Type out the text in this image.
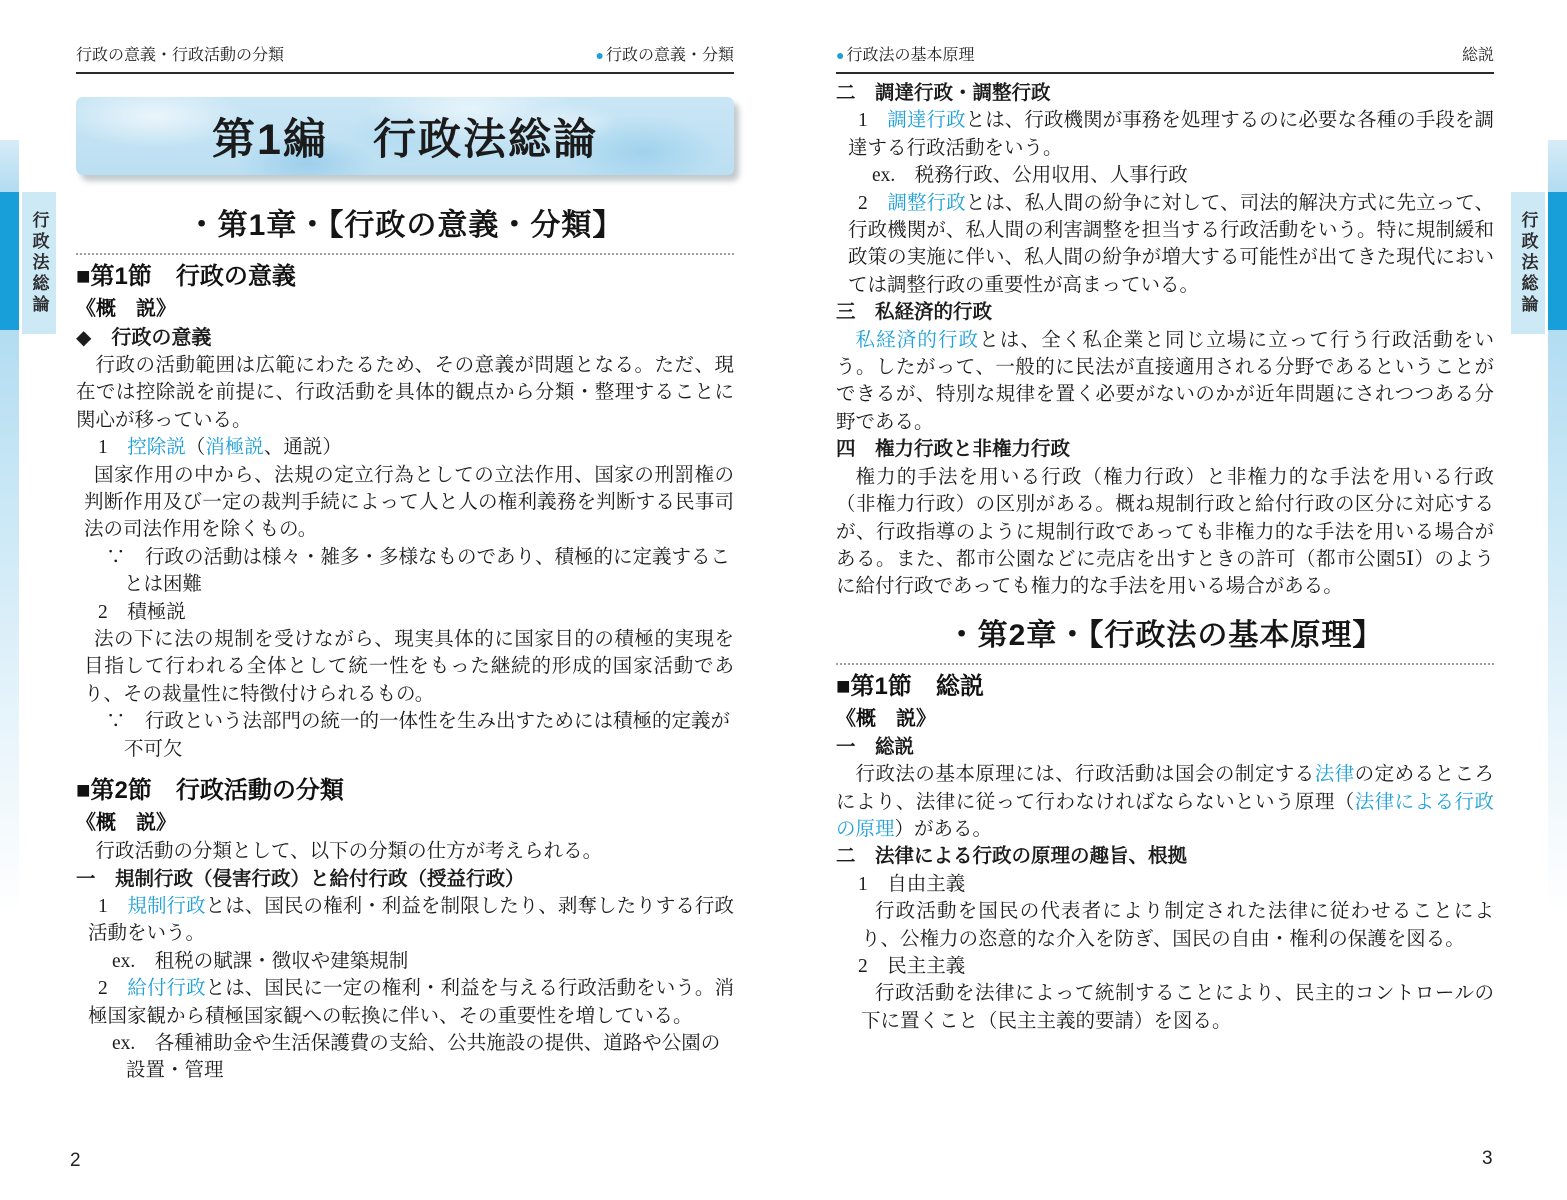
行政法総論	行政法総論
行政の意義・行政活動の分類	● 行政の意義・分類
第1編　行政法総論
・第1章・【行政の意義・分類】
■第1節　行政の意義
《概　説》
◆　行政の意義
行政の活動範囲は広範にわたるため、その意義が問題となる。ただ、現在では控除説を前提に、行政活動を具体的観点から分類・整理することに関心が移っている。
1　控除説（消極説、通説）
国家作用の中から、法規の定立行為としての立法作用、国家の刑罰権の判断作用及び一定の裁判手続によって人と人の権利義務を判断する民事司法の司法作用を除くもの。
∵　行政の活動は様々・雑多・多様なものであり、積極的に定義することは困難
2　積極説
法の下に法の規制を受けながら、現実具体的に国家目的の積極的実現を目指して行われる全体として統一性をもった継続的形成的国家活動であり、その裁量性に特徴付けられるもの。
∵　行政という法部門の統一的一体性を生み出すためには積極的定義が不可欠
■第2節　行政活動の分類
《概　説》
行政活動の分類として、以下の分類の仕方が考えられる。
一　規制行政（侵害行政）と給付行政（授益行政）
1　規制行政とは、国民の権利・利益を制限したり、剥奪したりする行政活動をいう。
ex.　租税の賦課・徴収や建築規制
2　給付行政とは、国民に一定の権利・利益を与える行政活動をいう。消極国家観から積極国家観への転換に伴い、その重要性を増している。
ex.　各種補助金や生活保護費の支給、公共施設の提供、道路や公園の設置・管理
● 行政法の基本原理	総説
二　調達行政・調整行政
1　調達行政とは、行政機関が事務を処理するのに必要な各種の手段を調達する行政活動をいう。
ex.　税務行政、公用収用、人事行政
2　調整行政とは、私人間の紛争に対して、司法的解決方式に先立って、行政機関が、私人間の利害調整を担当する行政活動をいう。特に規制緩和政策の実施に伴い、私人間の紛争が増大する可能性が出てきた現代においては調整行政の重要性が高まっている。
三　私経済的行政
私経済的行政とは、全く私企業と同じ立場に立って行う行政活動をいう。したがって、一般的に民法が直接適用される分野であるということができるが、特別な規律を置く必要がないのかが近年問題にされつつある分野である。
四　権力行政と非権力行政
権力的手法を用いる行政（権力行政）と非権力的な手法を用いる行政（非権力行政）の区別がある。概ね規制行政と給付行政の区分に対応するが、行政指導のように規制行政であっても非権力的な手法を用いる場合がある。また、都市公園などに売店を出すときの許可（都市公園5Ⅰ）のように給付行政であっても権力的な手法を用いる場合がある。
・第2章・【行政法の基本原理】
■第1節　総説
《概　説》
一　総説
行政法の基本原理には、行政活動は国会の制定する法律の定めるところにより、法律に従って行わなければならないという原理（法律による行政の原理）がある。
二　法律による行政の原理の趣旨、根拠
1　自由主義
行政活動を国民の代表者により制定された法律に従わせることにより、公権力の恣意的な介入を防ぎ、国民の自由・権利の保護を図る。
2　民主主義
行政活動を法律によって統制することにより、民主的コントロールの下に置くこと（民主主義的要請）を図る。
2	3
